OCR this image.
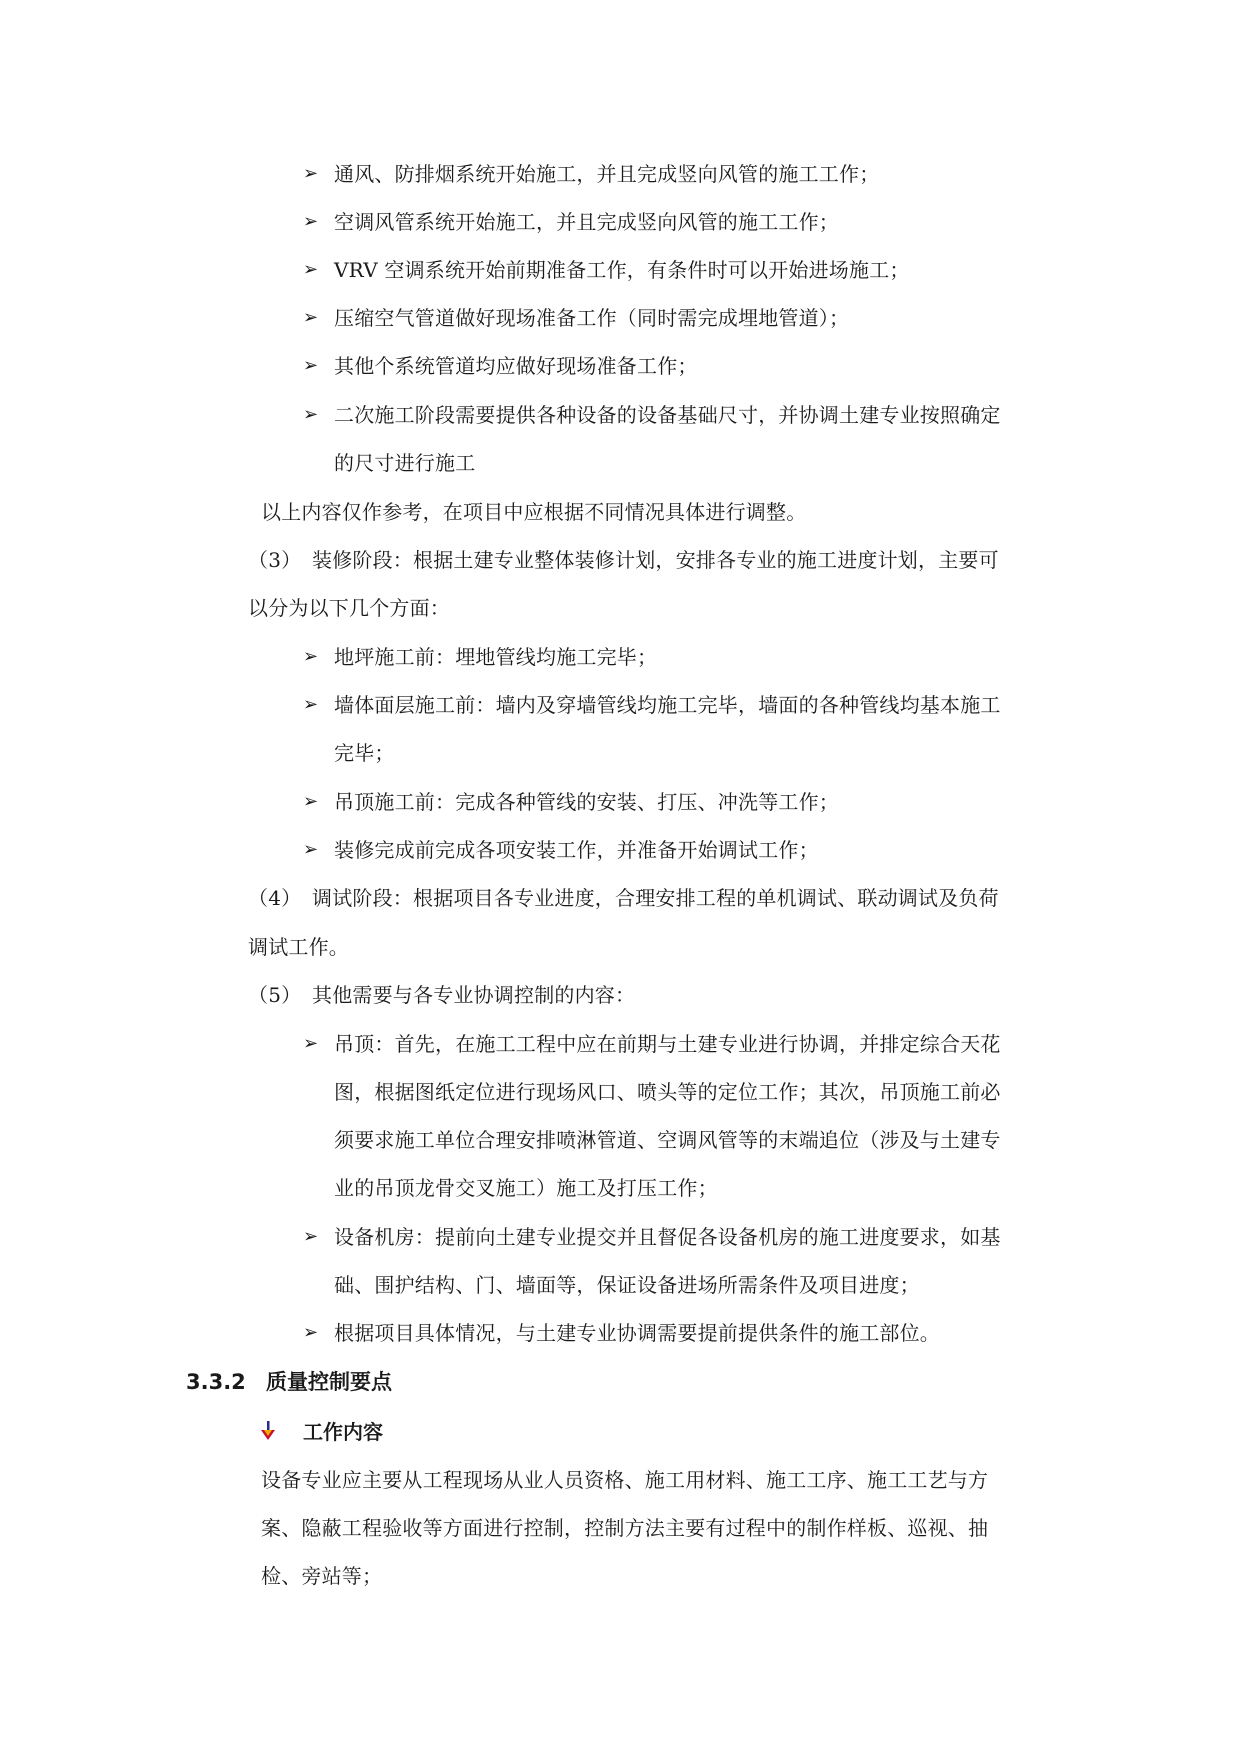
➢ 通风、防排烟系统开始施工，并且完成竖向风管的施工工作；
➢ 空调风管系统开始施工，并且完成竖向风管的施工工作；
➢ VRV 空调系统开始前期准备工作，有条件时可以开始进场施工；
➢ 压缩空气管道做好现场准备工作（同时需完成埋地管道）；
➢ 其他个系统管道均应做好现场准备工作；
➢ 二次施工阶段需要提供各种设备的设备基础尺寸，并协调土建专业按照确定
的尺寸进行施工
以上内容仅作参考，在项目中应根据不同情况具体进行调整。
（3） 装修阶段：根据土建专业整体装修计划，安排各专业的施工进度计划，主要可
以分为以下几个方面：
➢ 地坪施工前：埋地管线均施工完毕；
➢ 墙体面层施工前：墙内及穿墙管线均施工完毕，墙面的各种管线均基本施工
完毕；
➢ 吊顶施工前：完成各种管线的安装、打压、冲洗等工作；
➢ 装修完成前完成各项安装工作，并准备开始调试工作；
（4） 调试阶段：根据项目各专业进度，合理安排工程的单机调试、联动调试及负荷
调试工作。
（5） 其他需要与各专业协调控制的内容：
➢ 吊顶：首先，在施工工程中应在前期与土建专业进行协调，并排定综合天花
图，根据图纸定位进行现场风口、喷头等的定位工作；其次，吊顶施工前必
须要求施工单位合理安排喷淋管道、空调风管等的末端追位（涉及与土建专
业的吊顶龙骨交叉施工）施工及打压工作；
➢ 设备机房：提前向土建专业提交并且督促各设备机房的施工进度要求，如基
础、围护结构、门、墙面等，保证设备进场所需条件及项目进度；
➢ 根据项目具体情况，与土建专业协调需要提前提供条件的施工部位。
3.3.2 质量控制要点
工作内容
设备专业应主要从工程现场从业人员资格、施工用材料、施工工序、施工工艺与方
案、隐蔽工程验收等方面进行控制，控制方法主要有过程中的制作样板、巡视、抽
检、旁站等；
